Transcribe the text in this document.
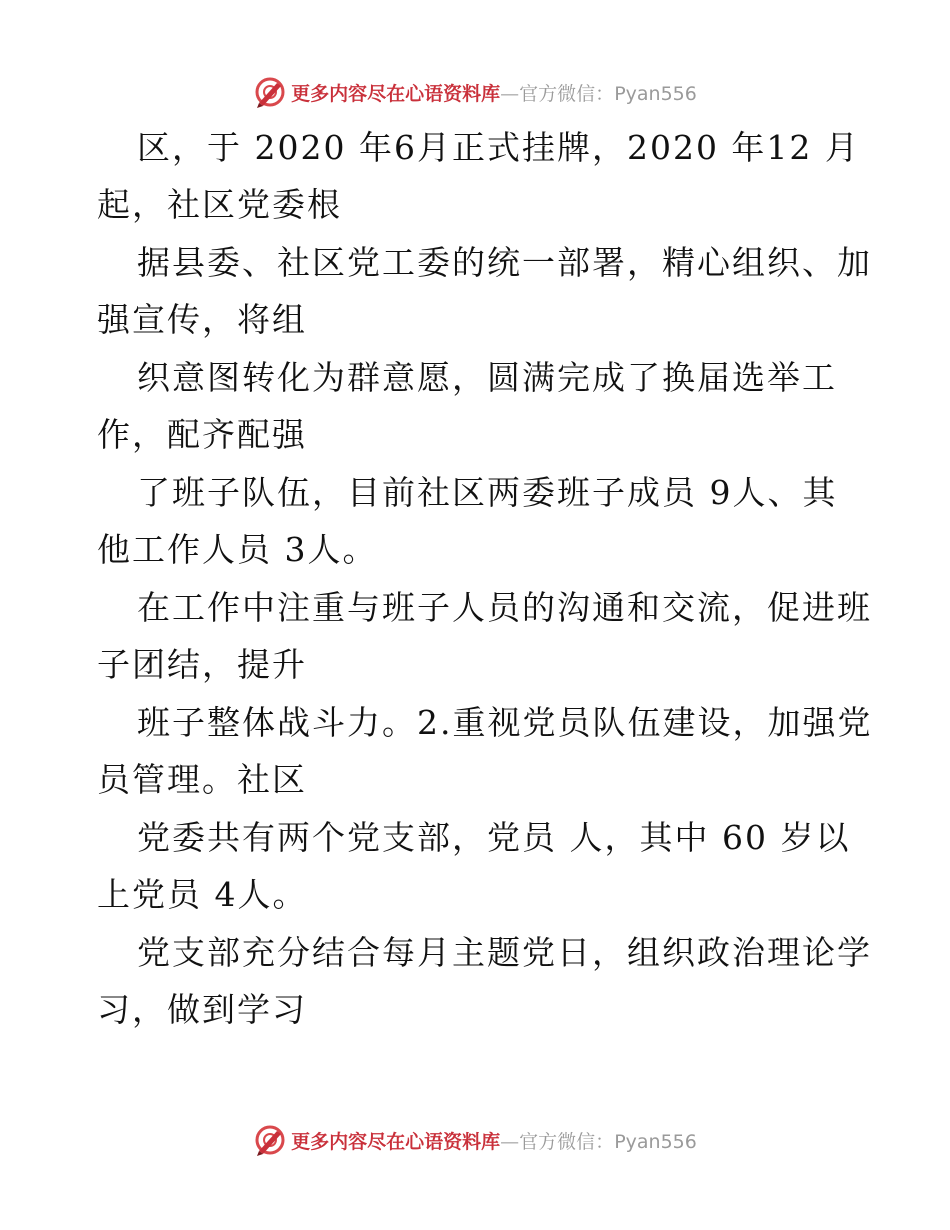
更多内容尽在心语资料库—官方微信：Pyan556
区，于 2020 年6月正式挂牌，2020 年12 月
起，社区党委根
据县委、社区党工委的统一部署，精心组织、加
强宣传，将组
织意图转化为群意愿，圆满完成了换届选举工
作，配齐配强
了班子队伍，目前社区两委班子成员 9人、其
他工作人员 3人。
在工作中注重与班子人员的沟通和交流，促进班
子团结，提升
班子整体战斗力。2.重视党员队伍建设，加强党
员管理。社区
党委共有两个党支部，党员 人，其中 60 岁以
上党员 4人。
党支部充分结合每月主题党日，组织政治理论学
习，做到学习
更多内容尽在心语资料库—官方微信：Pyan556
